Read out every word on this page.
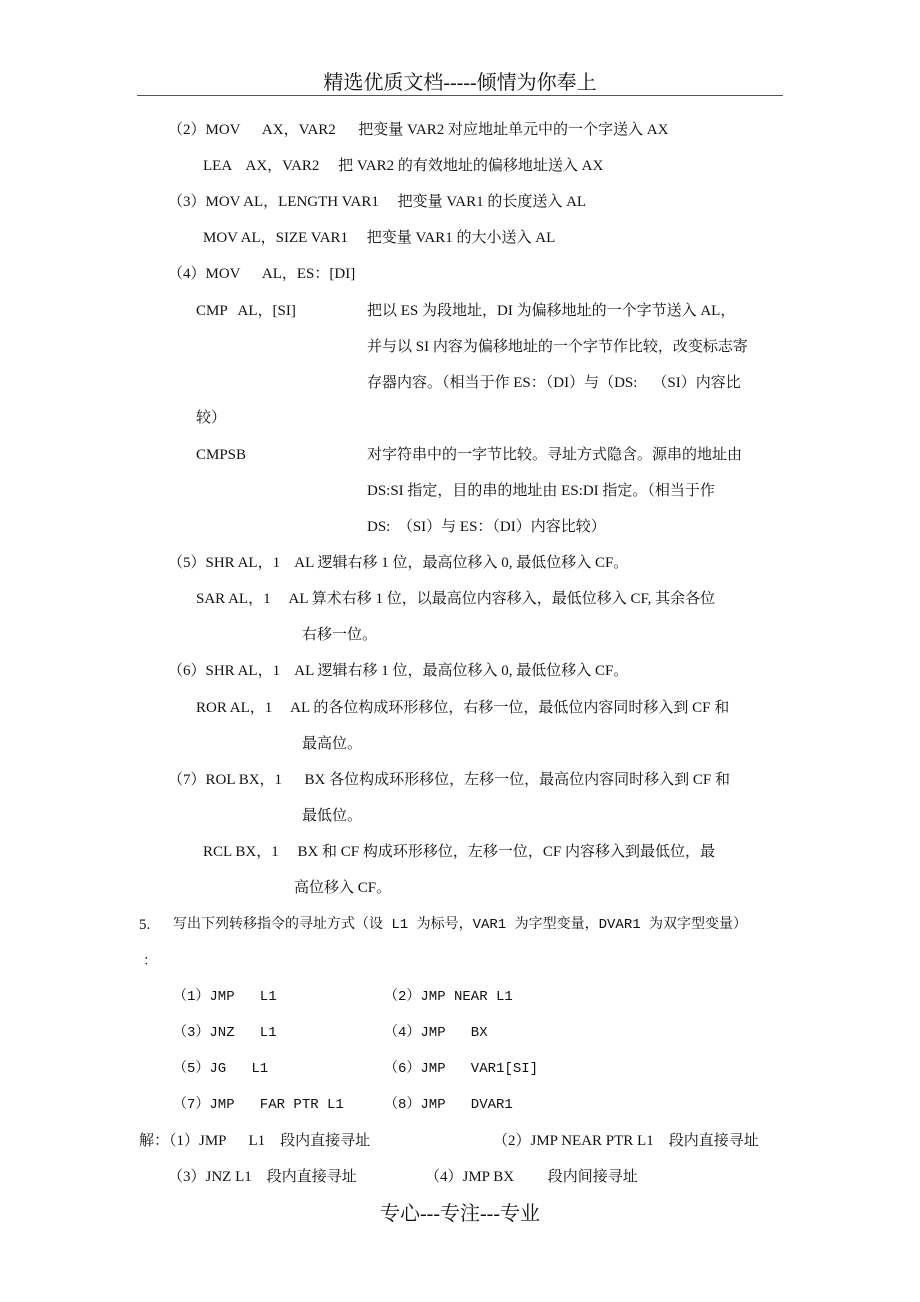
精选优质文档-----倾情为你奉上
（2）MOV      AX，VAR2      把变量 VAR2 对应地址单元中的一个字送入 AX
LEA    AX，VAR2     把 VAR2 的有效地址的偏移地址送入 AX
（3）MOV AL，LENGTH VAR1     把变量 VAR1 的长度送入 AL
MOV AL，SIZE VAR1     把变量 VAR1 的大小送入 AL
（4）MOV      AL，ES：[DI]
CMP   AL，[SI]	把以 ES 为段地址，DI 为偏移地址的一个字节送入 AL，
并与以 SI 内容为偏移地址的一个字节作比较，改变标志寄
存器内容。（相当于作 ES：（DI）与（DS:    （SI）内容比
较）
CMPSB	对字符串中的一字节比较。寻址方式隐含。源串的地址由
DS:SI 指定，目的串的地址由 ES:DI 指定。（相当于作
DS:  （SI）与 ES：（DI）内容比较）
（5）SHR AL，1    AL 逻辑右移 1 位，最高位移入 0, 最低位移入 CF。
SAR AL，1     AL 算术右移 1 位，以最高位内容移入，最低位移入 CF, 其余各位
右移一位。
（6）SHR AL，1    AL 逻辑右移 1 位，最高位移入 0, 最低位移入 CF。
ROR AL，1     AL 的各位构成环形移位，右移一位，最低位内容同时移入到 CF 和
最高位。
（7）ROL BX，1      BX 各位构成环形移位，左移一位，最高位内容同时移入到 CF 和
最低位。
RCL BX，1     BX 和 CF 构成环形移位，左移一位，CF 内容移入到最低位，最
高位移入 CF。
5. 写出下列转移指令的寻址方式（设 L1 为标号，VAR1 为字型变量，DVAR1 为双字型变量）
：
（1）JMP   L1	（2）JMP NEAR L1
（3）JNZ   L1	（4）JMP   BX
（5）JG   L1	（6）JMP   VAR1[SI]
（7）JMP   FAR PTR L1	（8）JMP   DVAR1
解：（1）JMP      L1    段内直接寻址	（2）JMP NEAR PTR L1    段内直接寻址
（3）JNZ L1    段内直接寻址	（4）JMP BX         段内间接寻址
专心---专注---专业
